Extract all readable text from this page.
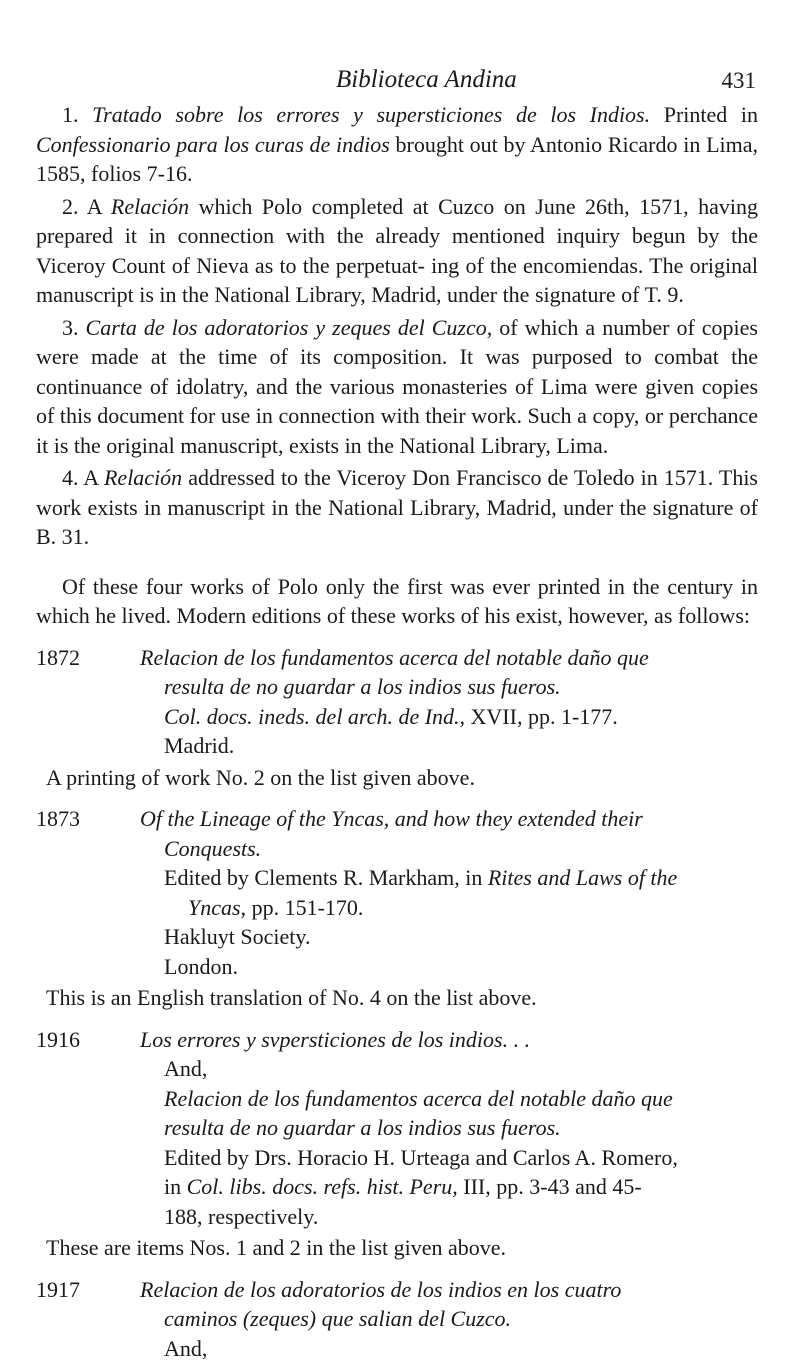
Biblioteca Andina	431

1. Tratado sobre los errores y supersticiones de los Indios. Printed in Confessionario para los curas de indios brought out by Antonio Ricardo in Lima, 1585, folios 7-16.

2. A Relación which Polo completed at Cuzco on June 26th, 1571, having prepared it in connection with the already mentioned inquiry begun by the Viceroy Count of Nieva as to the perpetuat- ing of the encomiendas. The original manuscript is in the National Library, Madrid, under the signature of T. 9.

3. Carta de los adoratorios y zeques del Cuzco, of which a number of copies were made at the time of its composition. It was purposed to combat the continuance of idolatry, and the various monasteries of Lima were given copies of this document for use in connection with their work. Such a copy, or perchance it is the original manuscript, exists in the National Library, Lima.

4. A Relación addressed to the Viceroy Don Francisco de Toledo in 1571. This work exists in manuscript in the National Library, Madrid, under the signature of B. 31.

Of these four works of Polo only the first was ever printed in the century in which he lived. Modern editions of these works of his exist, however, as follows:

1872	Relacion de los fundamentos acerca del notable daño que
resulta de no guardar a los indios sus fueros.
Col. docs. ineds. del arch. de Ind., XVII, pp. 1-177.
Madrid.

A printing of work No. 2 on the list given above.

1873	Of the Lineage of the Yncas, and how they extended their
Conquests.
Edited by Clements R. Markham, in Rites and Laws of the
Yncas, pp. 151-170.
Hakluyt Society.
London.

This is an English translation of No. 4 on the list above.

1916	Los errores y svpersticiones de los indios. . .
And,
Relacion de los fundamentos acerca del notable daño que
resulta de no guardar a los indios sus fueros.
Edited by Drs. Horacio H. Urteaga and Carlos A. Romero,
in Col. libs. docs. refs. hist. Peru, III, pp. 3-43 and 45-
188, respectively.

These are items Nos. 1 and 2 in the list given above.

1917	Relacion de los adoratorios de los indios en los cuatro
caminos (zeques) que salian del Cuzco.
And,
